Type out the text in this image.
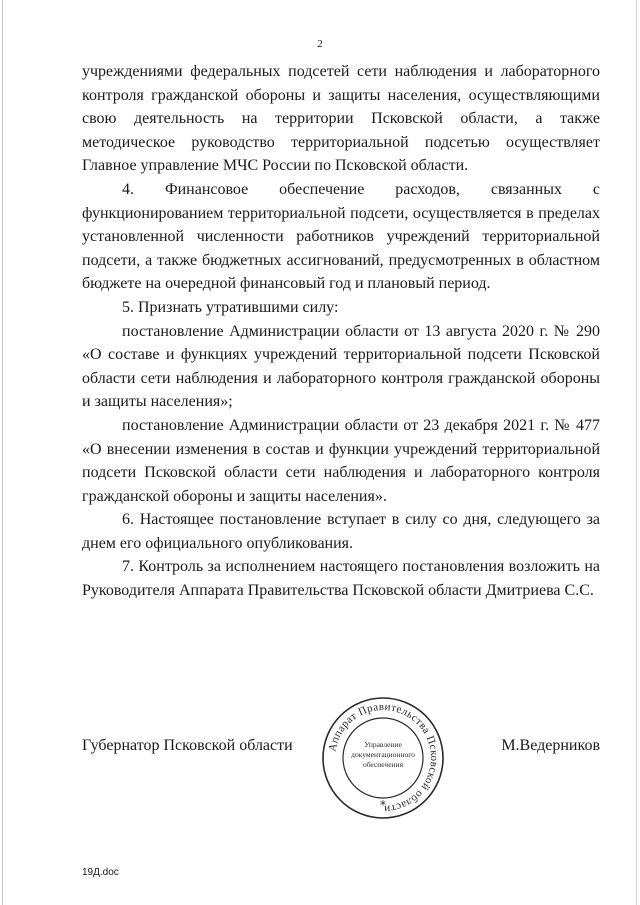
2

учреждениями федеральных подсетей сети наблюдения и лабораторного контроля гражданской обороны и защиты населения, осуществляющими свою деятельность на территории Псковской области, а также методическое руководство территориальной подсетью осуществляет Главное управление МЧС России по Псковской области.

4. Финансовое обеспечение расходов, связанных с функционированием территориальной подсети, осуществляется в пределах установленной численности работников учреждений территориальной подсети, а также бюджетных ассигнований, предусмотренных в областном бюджете на очередной финансовый год и плановый период.

5. Признать утратившими силу:

постановление Администрации области от 13 августа 2020 г. № 290 «О составе и функциях учреждений территориальной подсети Псковской области сети наблюдения и лабораторного контроля гражданской обороны и защиты населения»;

постановление Администрации области от 23 декабря 2021 г. № 477 «О внесении изменения в состав и функции учреждений территориальной подсети Псковской области сети наблюдения и лабораторного контроля гражданской обороны и защиты населения».

6. Настоящее постановление вступает в силу со дня, следующего за днем его официального опубликования.

7. Контроль за исполнением настоящего постановления возложить на Руководителя Аппарата Правительства Псковской области Дмитриева С.С.

Губернатор Псковской области	М.Ведерников
Аппарат Правительства Псковской области
Управление
документационного
обеспечения
*
19Д.doc
